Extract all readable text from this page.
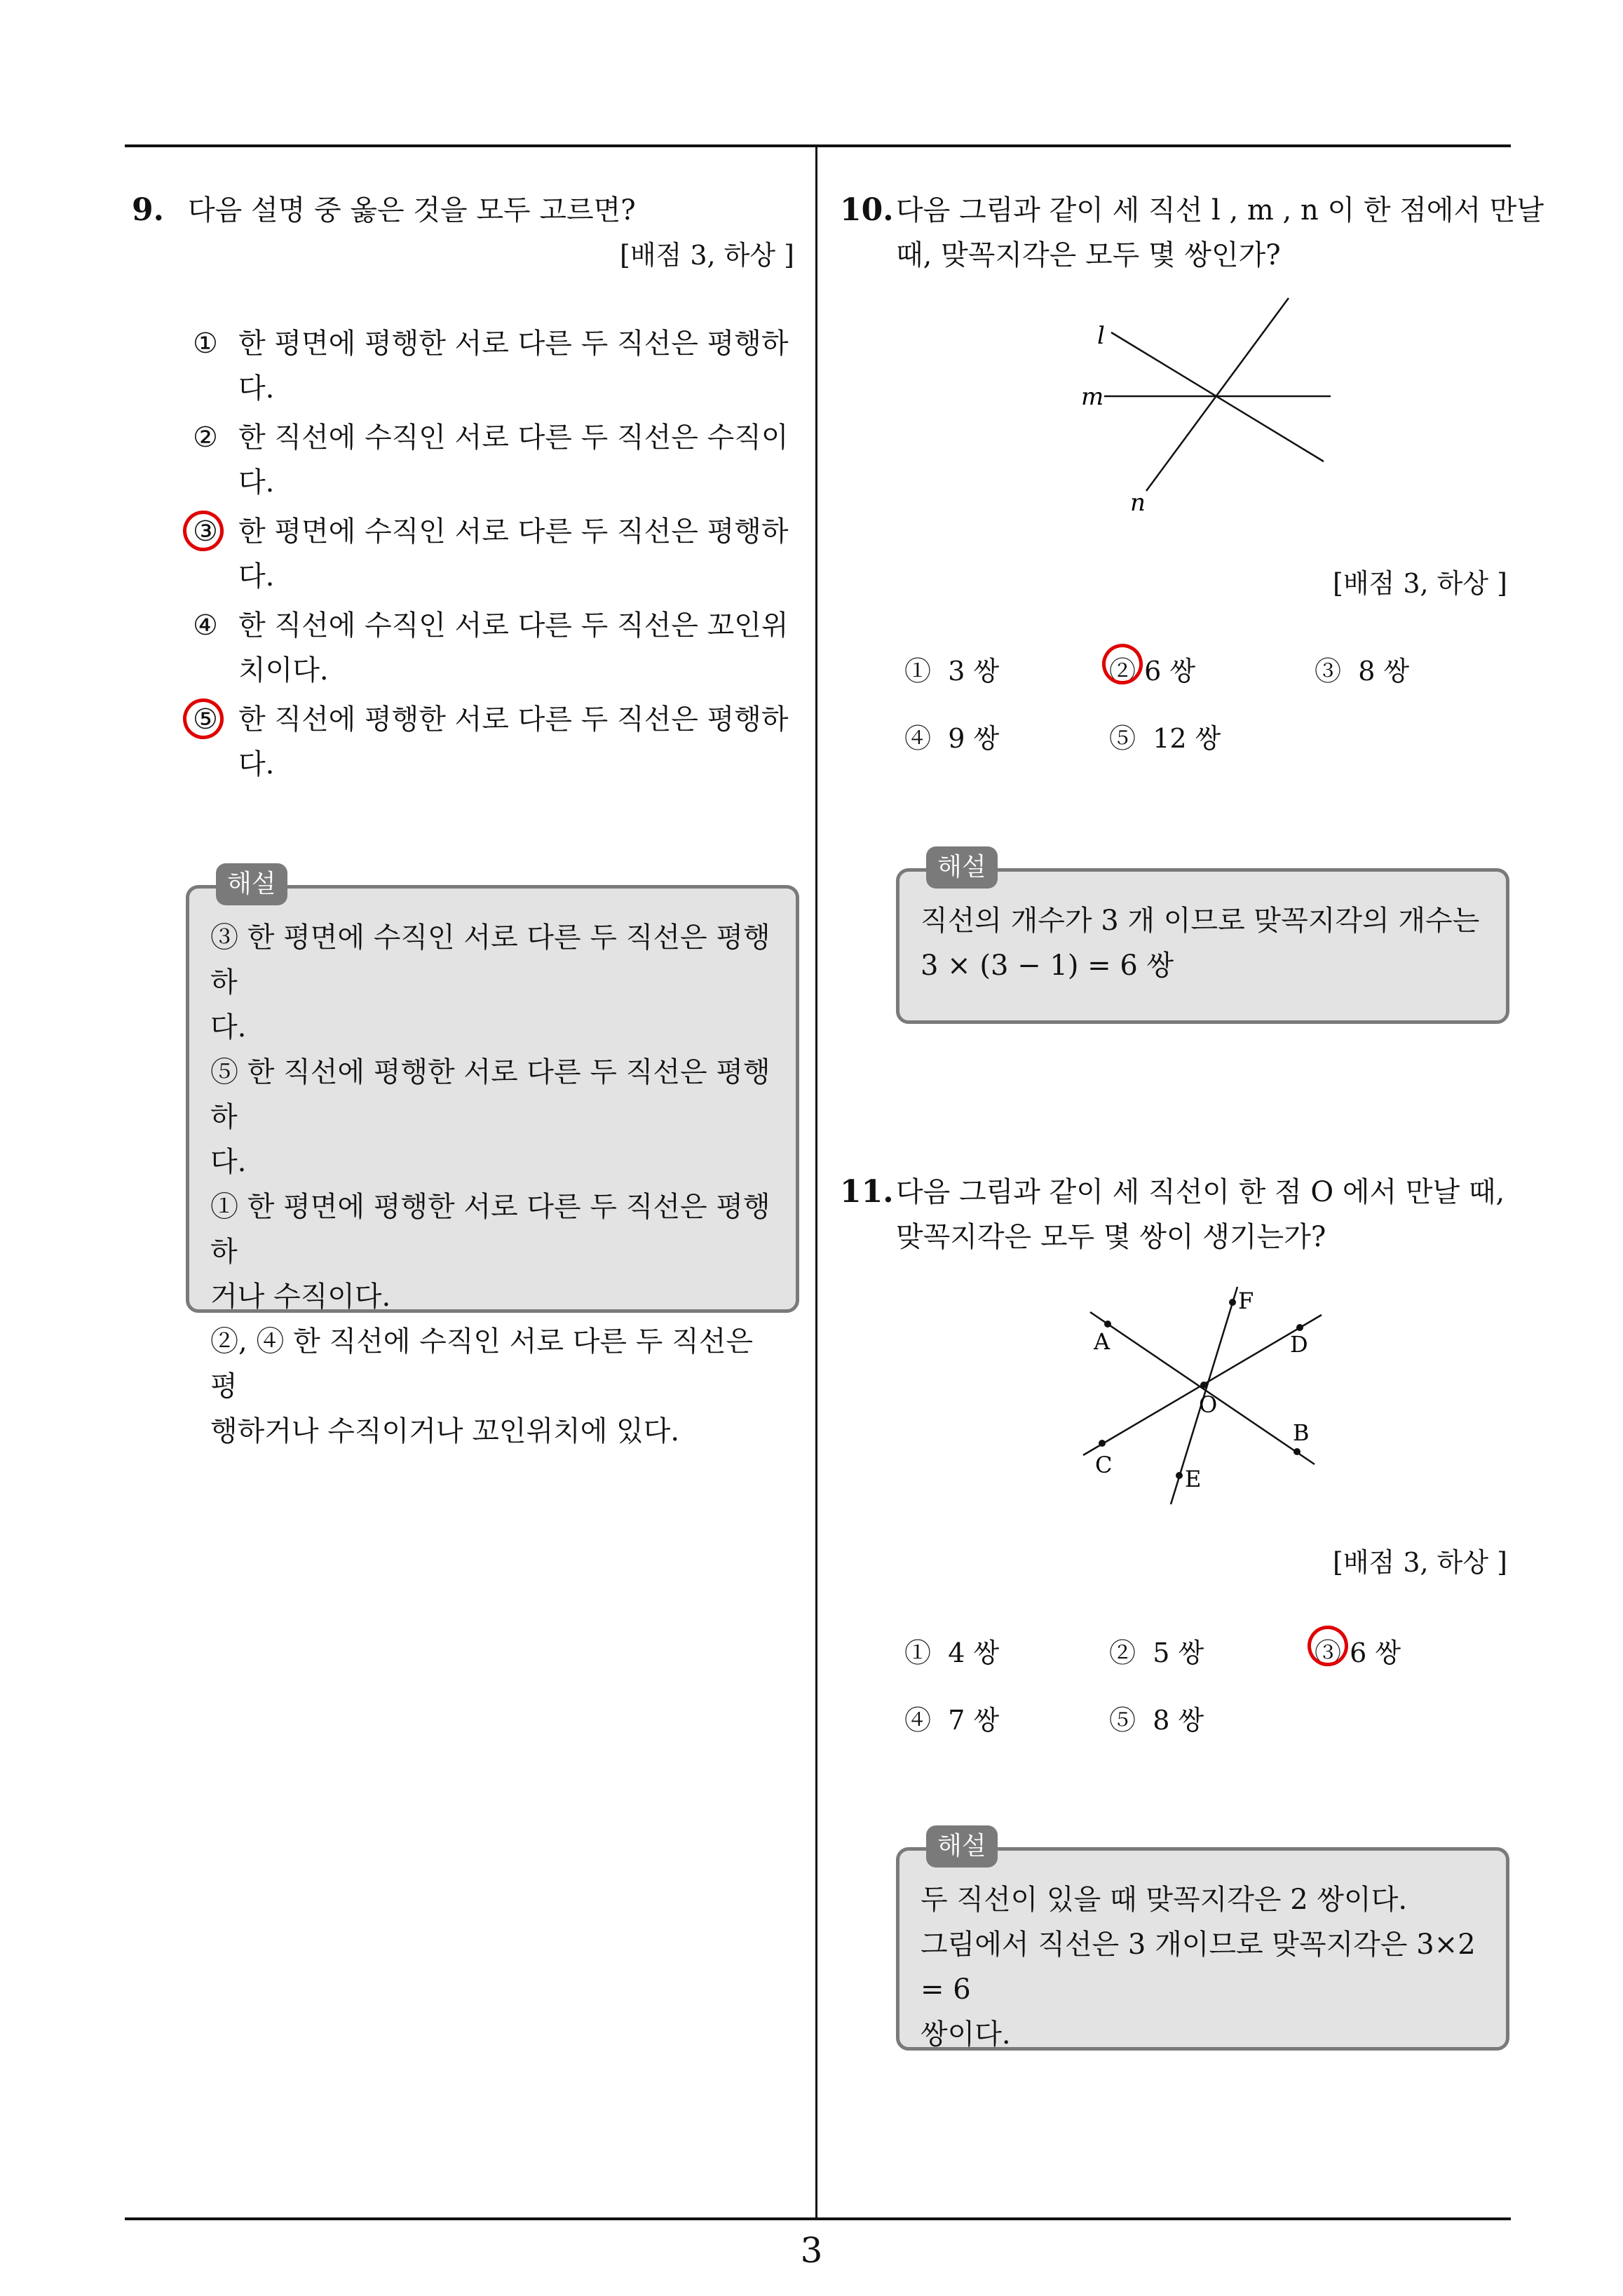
3
9. 다음 설명 중 옳은 것을 모두 고르면?
[배점 3, 하상 ]
① 한 평면에 평행한 서로 다른 두 직선은 평행하
다.
② 한 직선에 수직인 서로 다른 두 직선은 수직이
다.
③ 한 평면에 수직인 서로 다른 두 직선은 평행하
다.
④ 한 직선에 수직인 서로 다른 두 직선은 꼬인위
치이다.
⑤ 한 직선에 평행한 서로 다른 두 직선은 평행하
다.
해설
③ 한 평면에 수직인 서로 다른 두 직선은 평행하
다.
⑤ 한 직선에 평행한 서로 다른 두 직선은 평행하
다.
① 한 평면에 평행한 서로 다른 두 직선은 평행하
거나 수직이다.
②, ④ 한 직선에 수직인 서로 다른 두 직선은 평
행하거나 수직이거나 꼬인위치에 있다.
10. 다음 그림과 같이 세 직선 l , m , n 이 한 점에서 만날
때, 맞꼭지각은 모두 몇 쌍인가?
l
m
n
[배점 3, 하상 ]
① 3 쌍	② 6 쌍	③ 8 쌍
④ 9 쌍	⑤ 12 쌍
해설
직선의 개수가 3 개 이므로 맞꼭지각의 개수는
3 × (3 − 1) = 6 쌍
11. 다음 그림과 같이 세 직선이 한 점 O 에서 만날 때,
맞꼭지각은 모두 몇 쌍이 생기는가?
A
B
C
D
E
F
O
[배점 3, 하상 ]
① 4 쌍	② 5 쌍	③ 6 쌍
④ 7 쌍	⑤ 8 쌍
해설
두 직선이 있을 때 맞꼭지각은 2 쌍이다.
그림에서 직선은 3 개이므로 맞꼭지각은 3×2 = 6
쌍이다.
